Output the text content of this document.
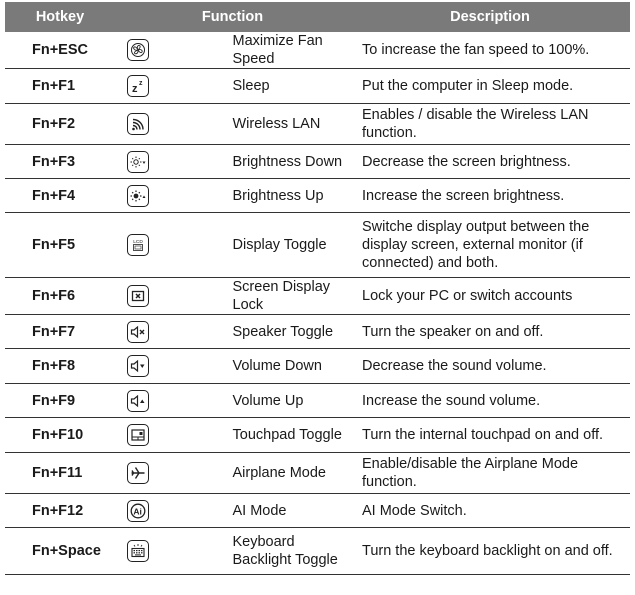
Hotkey	Function		Description
Fn+ESC		Maximize Fan Speed	To increase the fan speed to 100%.
Fn+F1	z z	Sleep	Put the computer in Sleep mode.
Fn+F2		Wireless LAN	Enables / disable the Wireless LAN function.
Fn+F3		Brightness Down	Decrease the screen brightness.
Fn+F4		Brightness Up	Increase the screen brightness.
Fn+F5	LCD	Display Toggle	Switche display output between the display screen, external monitor (if connected) and both.
Fn+F6		Screen Display Lock	Lock your PC or switch accounts
Fn+F7		Speaker Toggle	Turn the speaker on and off.
Fn+F8		Volume Down	Decrease the sound volume.
Fn+F9		Volume Up	Increase the sound volume.
Fn+F10		Touchpad Toggle	Turn the internal touchpad on and off.
Fn+F11		Airplane Mode	Enable/disable the Airplane Mode function.
Fn+F12	Ai	AI Mode	AI Mode Switch.
Fn+Space		Keyboard Backlight Toggle	Turn the keyboard backlight on and off.
